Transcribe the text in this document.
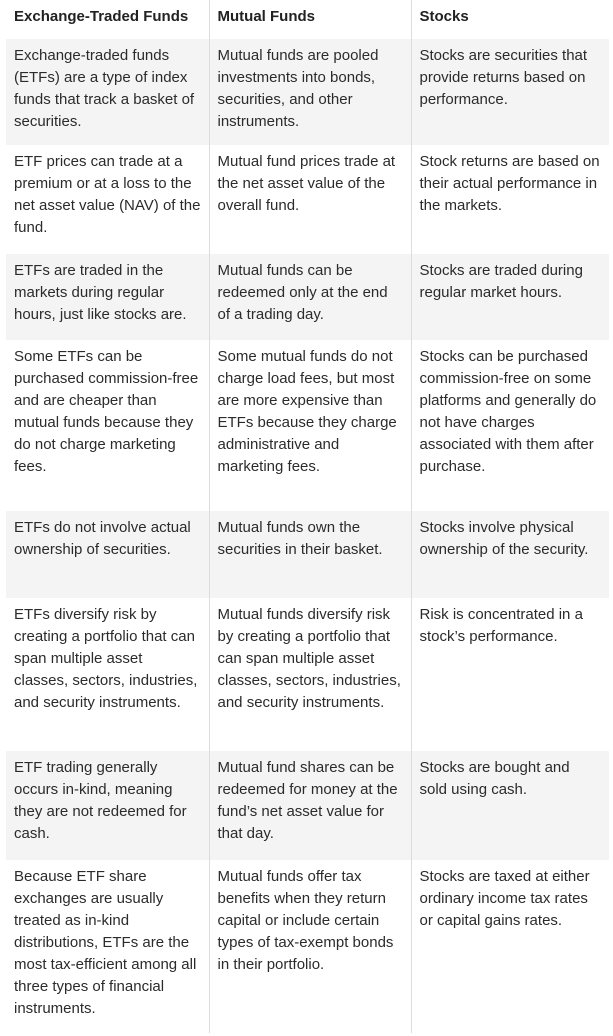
Exchange-Traded Funds	Mutual Funds	Stocks
Exchange-traded funds (ETFs) are a type of index funds that track a basket of securities.	Mutual funds are pooled investments into bonds, securities, and other instruments.	Stocks are securities that provide returns based on performance.
ETF prices can trade at a premium or at a loss to the net asset value (NAV) of the fund.	Mutual fund prices trade at the net asset value of the overall fund.	Stock returns are based on their actual performance in the markets.
ETFs are traded in the markets during regular hours, just like stocks are.	Mutual funds can be redeemed only at the end of a trading day.	Stocks are traded during regular market hours.
Some ETFs can be purchased commission-free and are cheaper than mutual funds because they do not charge marketing fees.	Some mutual funds do not charge load fees, but most are more expensive than ETFs because they charge administrative and marketing fees.	Stocks can be purchased commission-free on some platforms and generally do not have charges associated with them after purchase.
ETFs do not involve actual ownership of securities.	Mutual funds own the securities in their basket.	Stocks involve physical ownership of the security.
ETFs diversify risk by creating a portfolio that can span multiple asset classes, sectors, industries, and security instruments.	Mutual funds diversify risk by creating a portfolio that can span multiple asset classes, sectors, industries, and security instruments.	Risk is concentrated in a stock’s performance.
ETF trading generally occurs in-kind, meaning they are not redeemed for cash.	Mutual fund shares can be redeemed for money at the fund’s net asset value for that day.	Stocks are bought and sold using cash.
Because ETF share exchanges are usually treated as in-kind distributions, ETFs are the most tax-efficient among all three types of financial instruments.	Mutual funds offer tax benefits when they return capital or include certain types of tax-exempt bonds in their portfolio.	Stocks are taxed at either ordinary income tax rates or capital gains rates.
